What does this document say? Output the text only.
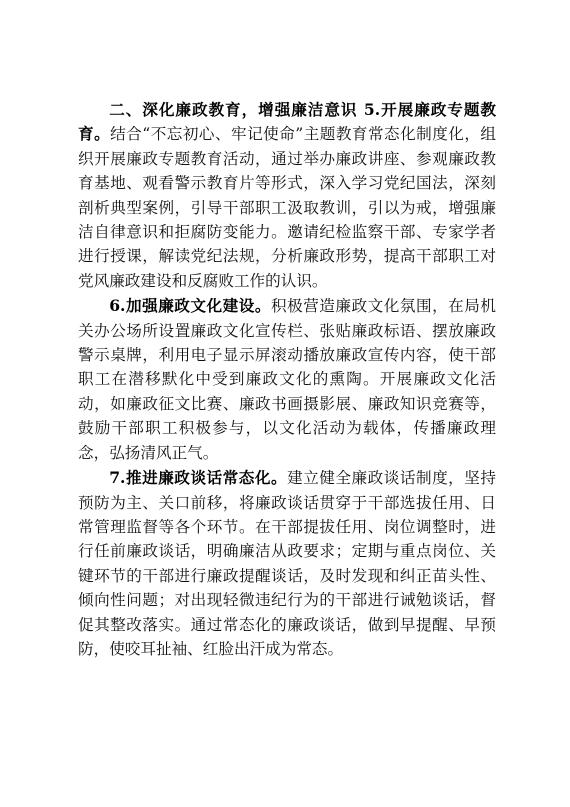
二、深化廉政教育，增强廉洁意识 5.开展廉政专题教育。结合“不忘初心、牢记使命”主题教育常态化制度化，组织开展廉政专题教育活动，通过举办廉政讲座、参观廉政教育基地、观看警示教育片等形式，深入学习党纪国法，深刻剖析典型案例，引导干部职工汲取教训，引以为戒，增强廉洁自律意识和拒腐防变能力。邀请纪检监察干部、专家学者进行授课，解读党纪法规，分析廉政形势，提高干部职工对党风廉政建设和反腐败工作的认识。

6.加强廉政文化建设。积极营造廉政文化氛围，在局机关办公场所设置廉政文化宣传栏、张贴廉政标语、摆放廉政警示桌牌，利用电子显示屏滚动播放廉政宣传内容，使干部职工在潜移默化中受到廉政文化的熏陶。开展廉政文化活动，如廉政征文比赛、廉政书画摄影展、廉政知识竞赛等，鼓励干部职工积极参与，以文化活动为载体，传播廉政理念，弘扬清风正气。

7.推进廉政谈话常态化。建立健全廉政谈话制度，坚持预防为主、关口前移，将廉政谈话贯穿于干部选拔任用、日常管理监督等各个环节。在干部提拔任用、岗位调整时，进行任前廉政谈话，明确廉洁从政要求；定期与重点岗位、关键环节的干部进行廉政提醒谈话，及时发现和纠正苗头性、倾向性问题；对出现轻微违纪行为的干部进行诫勉谈话，督促其整改落实。通过常态化的廉政谈话，做到早提醒、早预防，使咬耳扯袖、红脸出汗成为常态。
